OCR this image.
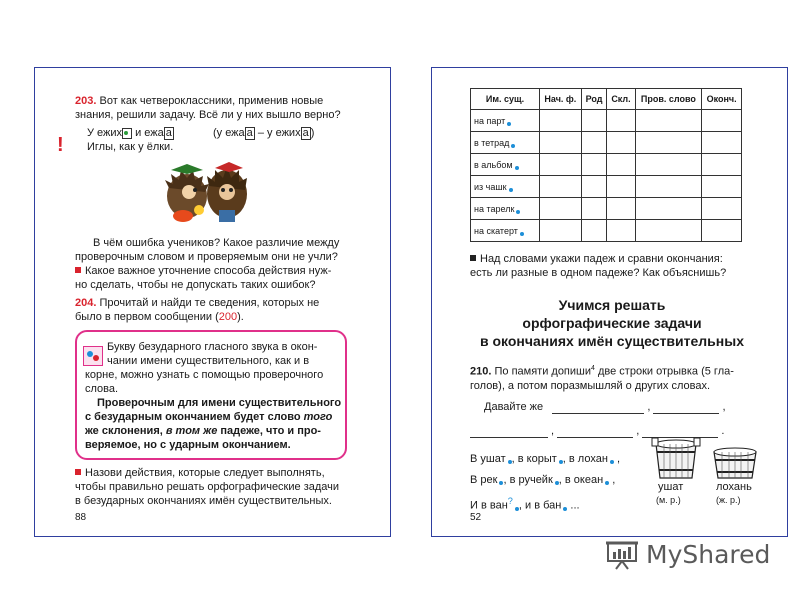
203. Вот как четвероклассники, применив новые
знания, решили задачу. Всё ли у них вышло верно?
!
У ежих и ежа а	(у ежа а – у ежих а )
Иглы, как у ёлки.
В чём ошибка учеников? Какое различие между
проверочным словом и проверяемым они не учли?
Какое важное уточнение способа действия нуж-
но сделать, чтобы не допускать таких ошибок?
204. Прочитай и найди те сведения, которых не
было в первом сообщении (200).
Букву безударного гласного звука в окон-
чании имени существительного, как и в
корне, можно узнать с помощью проверочного
слова.
Проверочным для имени существительного
с безударным окончанием будет слово того
же склонения, в том же падеже, что и про-
веряемое, но с ударным окончанием.
Назови действия, которые следует выполнять,
чтобы правильно решать орфографические задачи
в безударных окончаниях имён существительных.
88
Им. сущ.	Нач. ф.	Род	Скл.	Пров. слово	Оконч.
на парт					
в тетрад					
в альбом					
из чашк					
на тарелк					
на скатерт					
Над словами укажи падеж и сравни окончания:
есть ли разные в одном падеже? Как объяснишь?
Учимся решать
орфографические задачи
в окончаниях имён существительных
210. По памяти допиши$^4$ две строки отрывка (5 гла-
голов), а потом поразмышляй о других словах.
Давайте же	,	,
,	,	.
В ушат , в корыт , в лохан ,
В рек , в ручейк , в океан ,
И в ван? , и в бан ...
ушат
(м. р.)
лохань
(ж. р.)
52
MyShared
